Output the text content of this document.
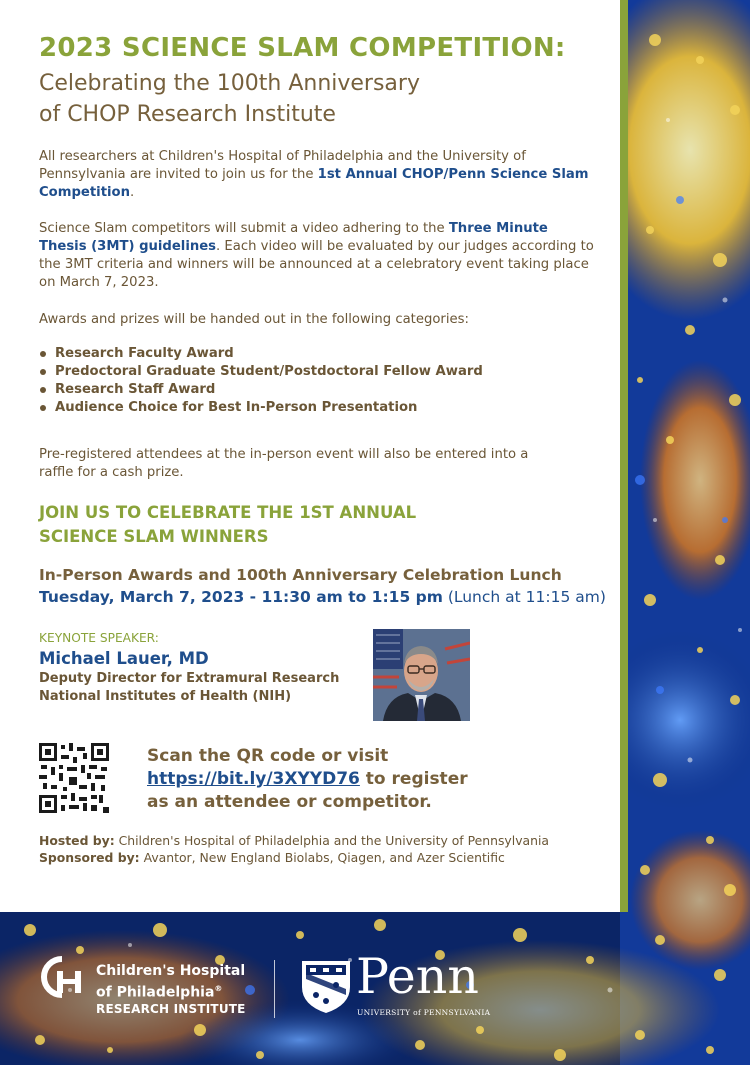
2023 SCIENCE SLAM COMPETITION:
Celebrating the 100th Anniversary
of CHOP Research Institute
All researchers at Children's Hospital of Philadelphia and the University of Pennsylvania are invited to join us for the 1st Annual CHOP/Penn Science Slam Competition.
Science Slam competitors will submit a video adhering to the Three Minute Thesis (3MT) guidelines. Each video will be evaluated by our judges according to the 3MT criteria and winners will be announced at a celebratory event taking place on March 7, 2023.
Awards and prizes will be handed out in the following categories:
Research Faculty Award
Predoctoral Graduate Student/Postdoctoral Fellow Award
Research Staff Award
Audience Choice for Best In-Person Presentation
Pre-registered attendees at the in-person event will also be entered into a raffle for a cash prize.
JOIN US TO CELEBRATE THE 1ST ANNUAL
SCIENCE SLAM WINNERS
In-Person Awards and 100th Anniversary Celebration Lunch
Tuesday, March 7, 2023 - 11:30 am to 1:15 pm (Lunch at 11:15 am)
KEYNOTE SPEAKER:
Michael Lauer, MD
Deputy Director for Extramural Research
National Institutes of Health (NIH)
Scan the QR code or visit
https://bit.ly/3XYYD76 to register
as an attendee or competitor.
Hosted by: Children's Hospital of Philadelphia and the University of Pennsylvania
Sponsored by: Avantor, New England Biolabs, Qiagen, and Azer Scientific
Children's Hospital
of Philadelphia®
RESEARCH INSTITUTE
Penn
UNIVERSITY of PENNSYLVANIA
